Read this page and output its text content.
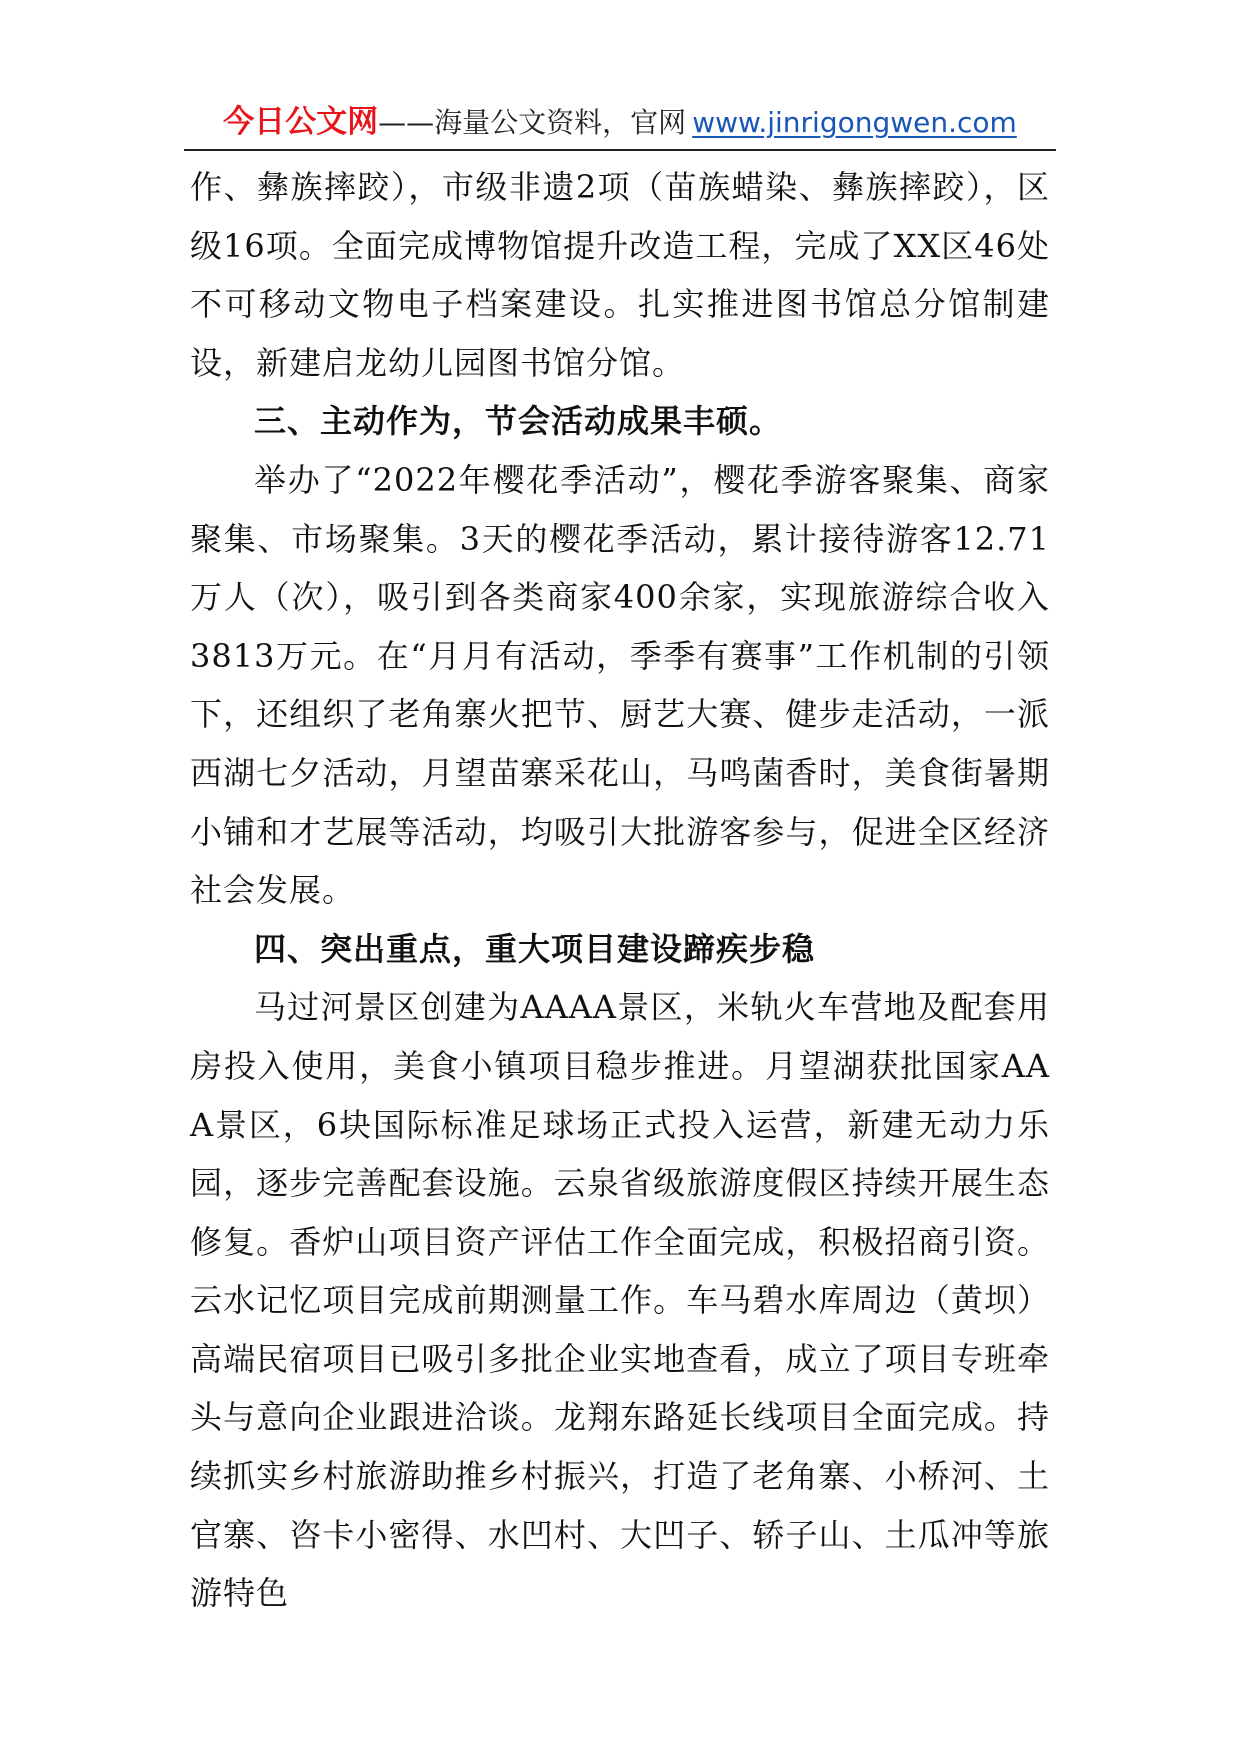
今日公文网 ——海量公文资料，官网 www.jinrigongwen.com

作、彝族摔跤），市级非遗2项（苗族蜡染、彝族摔跤），区级16项。全面完成博物馆提升改造工程，完成了XX区46处不可移动文物电子档案建设。扎实推进图书馆总分馆制建设，新建启龙幼儿园图书馆分馆。

三、主动作为，节会活动成果丰硕。

举办了“2022年樱花季活动”，樱花季游客聚集、商家聚集、市场聚集。3天的樱花季活动，累计接待游客12.71万人（次），吸引到各类商家400余家，实现旅游综合收入3813万元。在“月月有活动，季季有赛事”工作机制的引领下，还组织了老角寨火把节、厨艺大赛、健步走活动，一派西湖七夕活动，月望苗寨采花山，马鸣菌香时，美食街暑期小铺和才艺展等活动，均吸引大批游客参与，促进全区经济社会发展。

四、突出重点，重大项目建设蹄疾步稳

马过河景区创建为AAAA景区，米轨火车营地及配套用房投入使用，美食小镇项目稳步推进。月望湖获批国家AAA景区，6块国际标准足球场正式投入运营，新建无动力乐园，逐步完善配套设施。云泉省级旅游度假区持续开展生态修复。香炉山项目资产评估工作全面完成，积极招商引资。云水记忆项目完成前期测量工作。车马碧水库周边（黄坝）高端民宿项目已吸引多批企业实地查看，成立了项目专班牵头与意向企业跟进洽谈。龙翔东路延长线项目全面完成。持续抓实乡村旅游助推乡村振兴，打造了老角寨、小桥河、土官寨、咨卡小密得、水凹村、大凹子、轿子山、土瓜冲等旅游特色
